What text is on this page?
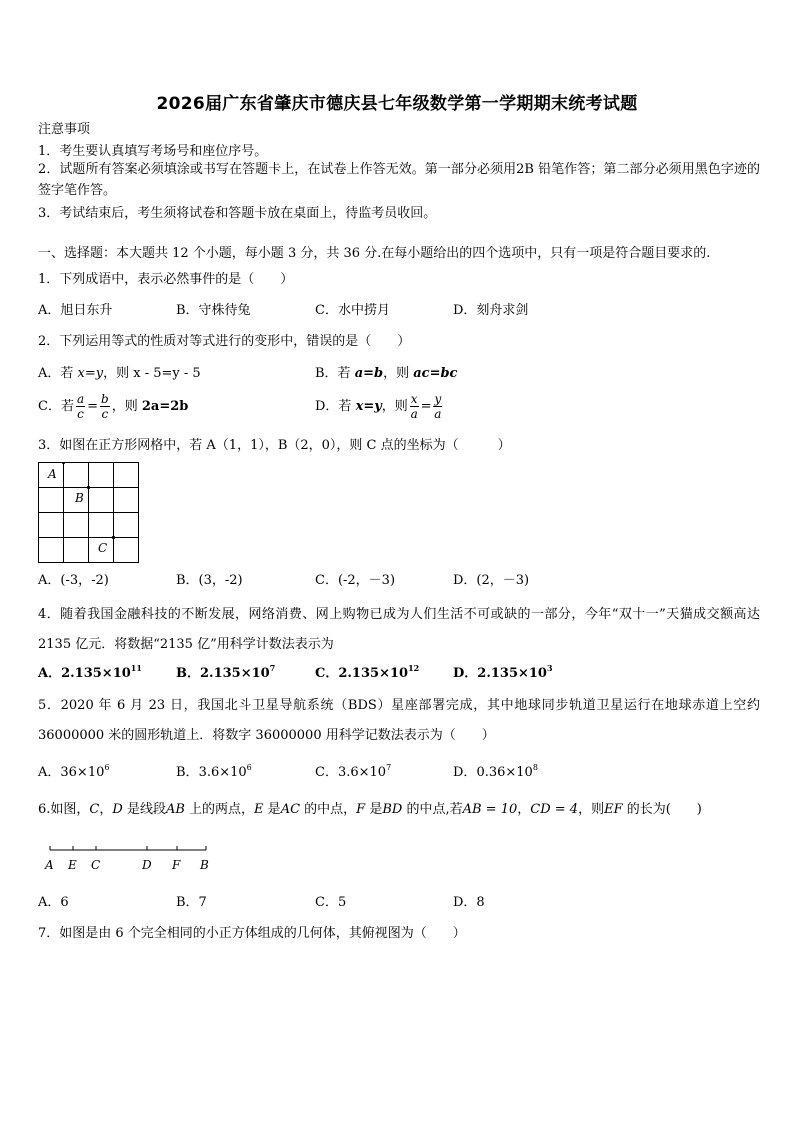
2026届广东省肇庆市德庆县七年级数学第一学期期末统考试题
注意事项
1．考生要认真填写考场号和座位序号。
2．试题所有答案必须填涂或书写在答题卡上，在试卷上作答无效。第一部分必须用2B 铅笔作答；第二部分必须用黑色字迹的签字笔作答。
3．考试结束后，考生须将试卷和答题卡放在桌面上，待监考员收回。
一、选择题：本大题共 12 个小题，每小题 3 分，共 36 分.在每小题给出的四个选项中，只有一项是符合题目要求的.
1．下列成语中，表示必然事件的是（　　）
A．旭日东升	B．守株待兔	C．水中捞月	D．刻舟求剑
2．下列运用等式的性质对等式进行的变形中，错误的是（　　）
A．若 x=y，则 x - 5=y - 5	B．若 a=b，则 ac=bc
C．若 $\frac{a}{c} = \frac{b}{c}$ ，则 2a=2b	D．若 x=y，则 $\frac{x}{a} = \frac{y}{a}$
3．如图在正方形网格中，若 A（1，1），B（2，0），则 C 点的坐标为（　　　）
A
B
C
A．(-3，-2)	B．(3，-2)	C．(-2，－3)	D．(2，－3)
4．随着我国金融科技的不断发展，网络消费、网上购物已成为人们生活不可或缺的一部分，今年“双十一”天猫成交额高达 2135 亿元．将数据“2135 亿”用科学计数法表示为
A．$2.135\times 10^{11}$	B．$2.135\times 10^7$	C．$2.135\times 10^{12}$	D．$2.135\times 10^3$
5．2020 年 6 月 23 日，我国北斗卫星导航系统（BDS）星座部署完成，其中地球同步轨道卫星运行在地球赤道上空约 36000000 米的圆形轨道上．将数字 36000000 用科学记数法表示为（　　）
A．$36\times 10^6$	B．$3.6\times 10^6$	C．$3.6\times 10^7$	D．$0.36\times 10^8$
6.如图，C，D 是线段AB 上的两点，E 是AC 的中点，F 是BD 的中点,若AB = 10，CD = 4，则EF 的长为(　　)
A E C	D F B
A．6	B．7	C．5	D．8
7．如图是由 6 个完全相同的小正方体组成的几何体，其俯视图为（　　）
